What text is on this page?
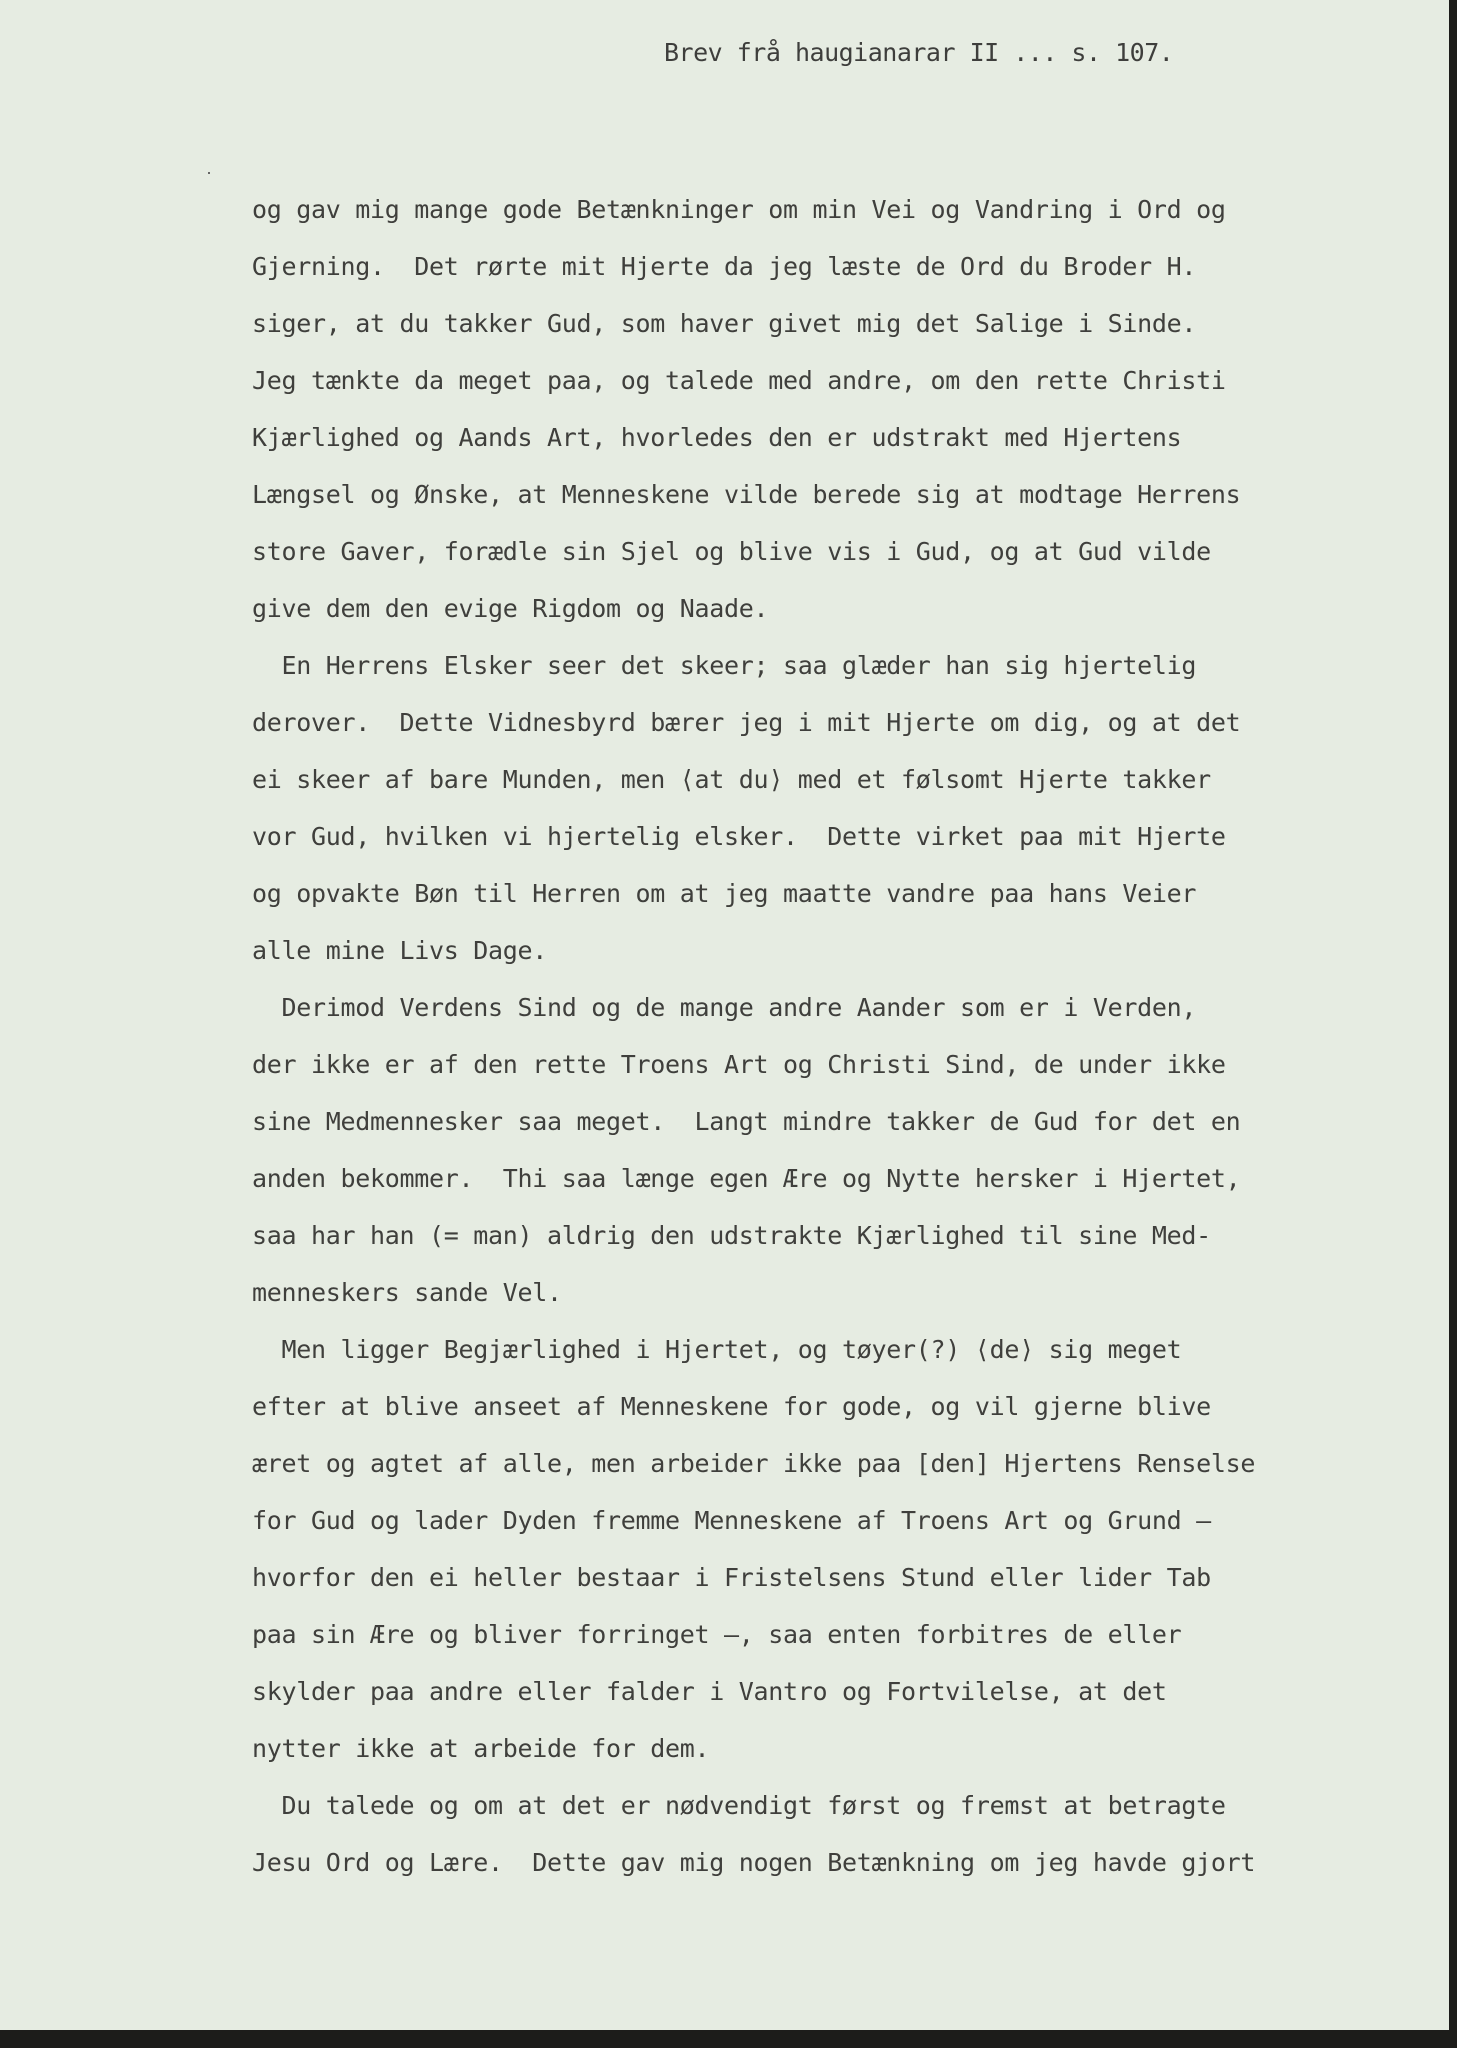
Brev frå haugianarar II ... s. 107.
og gav mig mange gode Betænkninger om min Vei og Vandring i Ord og
Gjerning.  Det rørte mit Hjerte da jeg læste de Ord du Broder H.
siger, at du takker Gud, som haver givet mig det Salige i Sinde.
Jeg tænkte da meget paa, og talede med andre, om den rette Christi
Kjærlighed og Aands Art, hvorledes den er udstrakt med Hjertens
Længsel og Ønske, at Menneskene vilde berede sig at modtage Herrens
store Gaver, forædle sin Sjel og blive vis i Gud, og at Gud vilde
give dem den evige Rigdom og Naade.
En Herrens Elsker seer det skeer; saa glæder han sig hjertelig
derover.  Dette Vidnesbyrd bærer jeg i mit Hjerte om dig, og at det
ei skeer af bare Munden, men ⟨at du⟩ med et følsomt Hjerte takker
vor Gud, hvilken vi hjertelig elsker.  Dette virket paa mit Hjerte
og opvakte Bøn til Herren om at jeg maatte vandre paa hans Veier
alle mine Livs Dage.
Derimod Verdens Sind og de mange andre Aander som er i Verden,
der ikke er af den rette Troens Art og Christi Sind, de under ikke
sine Medmennesker saa meget.  Langt mindre takker de Gud for det en
anden bekommer.  Thi saa længe egen Ære og Nytte hersker i Hjertet,
saa har han (= man) aldrig den udstrakte Kjærlighed til sine Med-
menneskers sande Vel.
Men ligger Begjærlighed i Hjertet, og tøyer(?) ⟨de⟩ sig meget
efter at blive anseet af Menneskene for gode, og vil gjerne blive
æret og agtet af alle, men arbeider ikke paa [den] Hjertens Renselse
for Gud og lader Dyden fremme Menneskene af Troens Art og Grund —
hvorfor den ei heller bestaar i Fristelsens Stund eller lider Tab
paa sin Ære og bliver forringet —, saa enten forbitres de eller
skylder paa andre eller falder i Vantro og Fortvilelse, at det
nytter ikke at arbeide for dem.
Du talede og om at det er nødvendigt først og fremst at betragte
Jesu Ord og Lære.  Dette gav mig nogen Betænkning om jeg havde gjort
